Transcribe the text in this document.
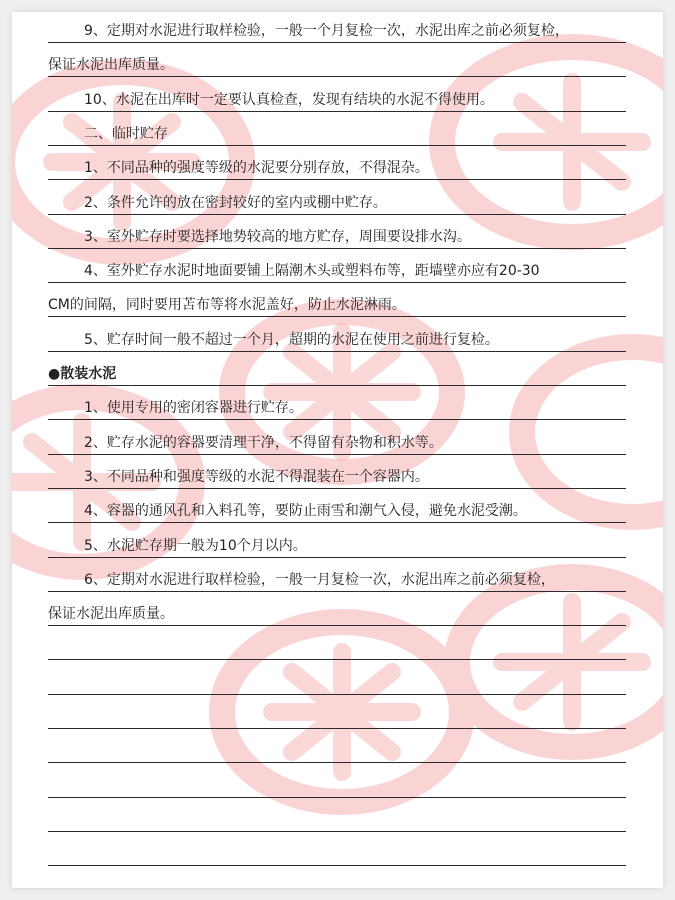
9、定期对水泥进行取样检验，一般一个月复检一次，水泥出库之前必须复检，
保证水泥出库质量。
10、水泥在出库时一定要认真检查，发现有结块的水泥不得使用。
二、临时贮存
1、不同品种的强度等级的水泥要分别存放，不得混杂。
2、条件允许的放在密封较好的室内或棚中贮存。
3、室外贮存时要选择地势较高的地方贮存，周围要设排水沟。
4、室外贮存水泥时地面要铺上隔潮木头或塑料布等，距墙壁亦应有20-30
CM的间隔，同时要用苫布等将水泥盖好，防止水泥淋雨。
5、贮存时间一般不超过一个月，超期的水泥在使用之前进行复检。
●散装水泥
1、使用专用的密闭容器进行贮存。
2、贮存水泥的容器要清理干净，不得留有杂物和积水等。
3、不同品种和强度等级的水泥不得混装在一个容器内。
4、容器的通风孔和入料孔等，要防止雨雪和潮气入侵，避免水泥受潮。
5、水泥贮存期一般为10个月以内。
6、定期对水泥进行取样检验，一般一月复检一次，水泥出库之前必须复检，
保证水泥出库质量。
